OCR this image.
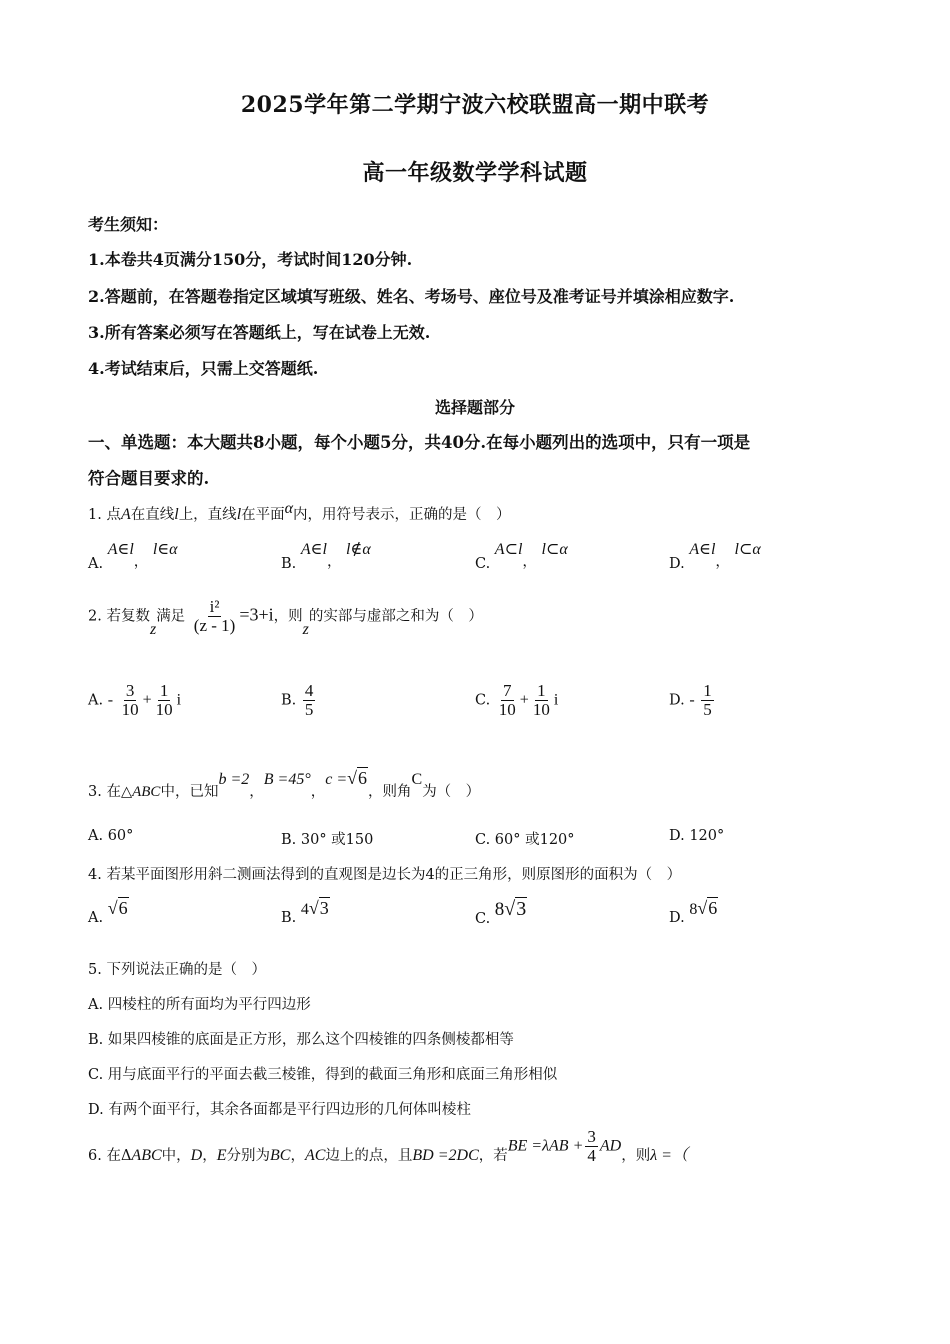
2025学年第二学期宁波六校联盟高一期中联考
高一年级数学学科试题
考生须知：
1.本卷共4页满分150分，考试时间120分钟.
2.答题前，在答题卷指定区域填写班级、姓名、考场号、座位号及准考证号并填涂相应数字.
3.所有答案必须写在答题纸上，写在试卷上无效.
4.考试结束后，只需上交答题纸.
选择题部分
一、单选题：本大题共8小题，每个小题5分，共40分.在每小题列出的选项中，只有一项是
符合题目要求的.
1. 点A在直线l上，直线l在平面α内，用符号表示，正确的是（　）
A. A∈l， l∈α
B. A∈l， l∉α
C. A⊂l， l⊂α
D. A∈l， l⊂α
2. 若复数z满足 $\frac{\text{i²}}{(z - 1)} =3+i$，则z的实部与虚部之和为（　）
A. - $\frac{3}{10} + \frac{1}{10}$ i	B. $\frac{4}{5}$	C. $\frac{7}{10} + \frac{1}{10}$ i	D. - $\frac{1}{5}$
3. 在△ABC中，已知b =2，B =45°，c =√6，则角C为（　）
A. 60°	B. 30° 或150	C. 60° 或120°	D. 120°
4. 若某平面图形用斜二测画法得到的直观图是边长为4的正三角形，则原图形的面积为（　）
A. √6	B. 4√3
C. 8√3	D. 8√6
5. 下列说法正确的是（　）
A. 四棱柱的所有面均为平行四边形
B. 如果四棱锥的底面是正方形，那么这个四棱锥的四条侧棱都相等
C. 用与底面平行的平面去截三棱锥，得到的截面三角形和底面三角形相似
D. 有两个面平行，其余各面都是平行四边形的几何体叫棱柱
6. 在ΔABC中，D，E分别为BC，AC边上的点，且BD =2DC，若BE $=\lambda AB + \frac{3}{4}$ AD，则λ =（
